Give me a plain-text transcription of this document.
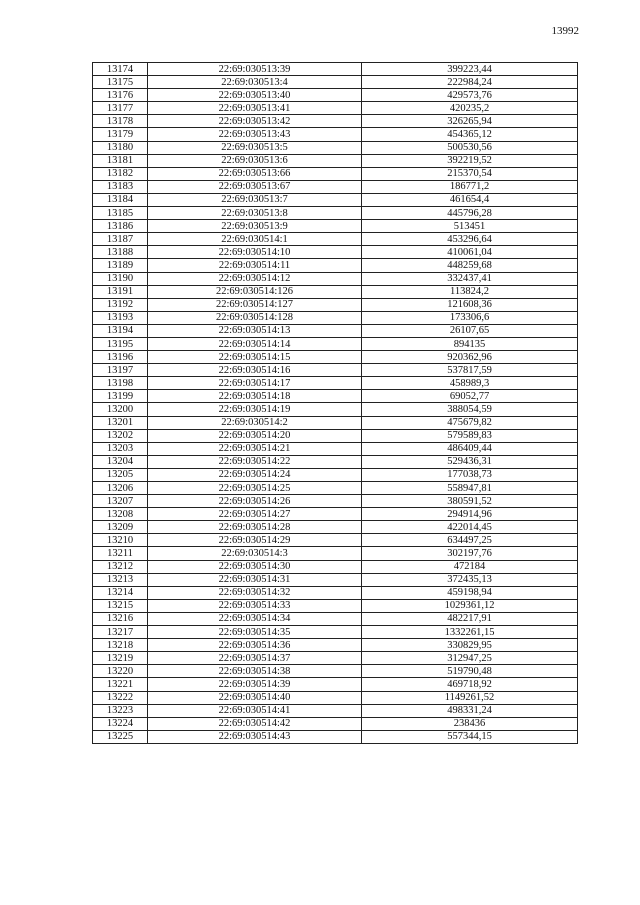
13992
13174	22:69:030513:39	399223,44
13175	22:69:030513:4	222984,24
13176	22:69:030513:40	429573,76
13177	22:69:030513:41	420235,2
13178	22:69:030513:42	326265,94
13179	22:69:030513:43	454365,12
13180	22:69:030513:5	500530,56
13181	22:69:030513:6	392219,52
13182	22:69:030513:66	215370,54
13183	22:69:030513:67	186771,2
13184	22:69:030513:7	461654,4
13185	22:69:030513:8	445796,28
13186	22:69:030513:9	513451
13187	22:69:030514:1	453296,64
13188	22:69:030514:10	410061,04
13189	22:69:030514:11	448259,68
13190	22:69:030514:12	332437,41
13191	22:69:030514:126	113824,2
13192	22:69:030514:127	121608,36
13193	22:69:030514:128	173306,6
13194	22:69:030514:13	26107,65
13195	22:69:030514:14	894135
13196	22:69:030514:15	920362,96
13197	22:69:030514:16	537817,59
13198	22:69:030514:17	458989,3
13199	22:69:030514:18	69052,77
13200	22:69:030514:19	388054,59
13201	22:69:030514:2	475679,82
13202	22:69:030514:20	579589,83
13203	22:69:030514:21	486409,44
13204	22:69:030514:22	529436,31
13205	22:69:030514:24	177038,73
13206	22:69:030514:25	558947,81
13207	22:69:030514:26	380591,52
13208	22:69:030514:27	294914,96
13209	22:69:030514:28	422014,45
13210	22:69:030514:29	634497,25
13211	22:69:030514:3	302197,76
13212	22:69:030514:30	472184
13213	22:69:030514:31	372435,13
13214	22:69:030514:32	459198,94
13215	22:69:030514:33	1029361,12
13216	22:69:030514:34	482217,91
13217	22:69:030514:35	1332261,15
13218	22:69:030514:36	330829,95
13219	22:69:030514:37	312947,25
13220	22:69:030514:38	519790,48
13221	22:69:030514:39	469718,92
13222	22:69:030514:40	1149261,52
13223	22:69:030514:41	498331,24
13224	22:69:030514:42	238436
13225	22:69:030514:43	557344,15
